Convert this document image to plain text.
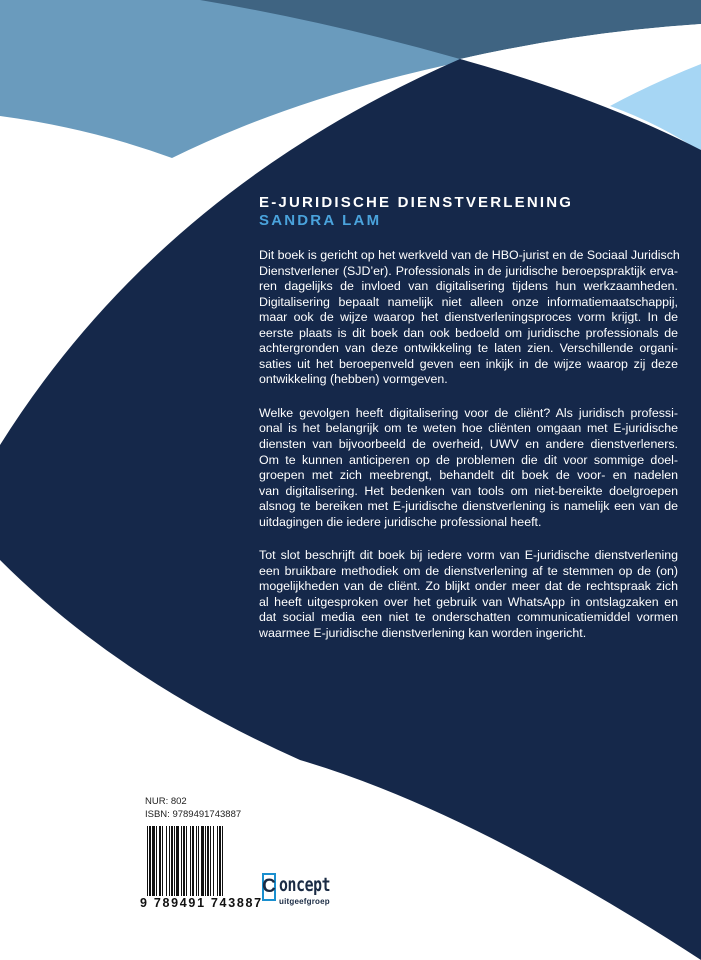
E-JURIDISCHE DIENSTVERLENING
SANDRA LAM
Dit boek is gericht op het werkveld van de HBO-jurist en de Sociaal Juridisch
Dienstverlener (SJD’er). Professionals in de juridische beroepspraktijk erva-
ren dagelijks de invloed van digitalisering tijdens hun werkzaamheden.
Digitalisering bepaalt namelijk niet alleen onze informatiemaatschappij,
maar ook de wijze waarop het dienstverleningsproces vorm krijgt. In de
eerste plaats is dit boek dan ook bedoeld om juridische professionals de
achtergronden van deze ontwikkeling te laten zien. Verschillende organi-
saties uit het beroepenveld geven een inkijk in de wijze waarop zij deze
ontwikkeling (hebben) vormgeven.
Welke gevolgen heeft digitalisering voor de cliënt? Als juridisch professi-
onal is het belangrijk om te weten hoe cliënten omgaan met E-juridische
diensten van bijvoorbeeld de overheid, UWV en andere dienstverleners.
Om te kunnen anticiperen op de problemen die dit voor sommige doel-
groepen met zich meebrengt, behandelt dit boek de voor- en nadelen
van digitalisering. Het bedenken van tools om niet-bereikte doelgroepen
alsnog te bereiken met E-juridische dienstverlening is namelijk een van de
uitdagingen die iedere juridische professional heeft.
Tot slot beschrijft dit boek bij iedere vorm van E-juridische dienstverlening
een bruikbare methodiek om de dienstverlening af te stemmen op de (on)
mogelijkheden van de cliënt. Zo blijkt onder meer dat de rechtspraak zich
al heeft uitgesproken over het gebruik van WhatsApp in ontslagzaken en
dat social media een niet te onderschatten communicatiemiddel vormen
waarmee E-juridische dienstverlening kan worden ingericht.
NUR: 802
ISBN: 9789491743887
9 789491 743887
C oncept
uitgeefgroep
